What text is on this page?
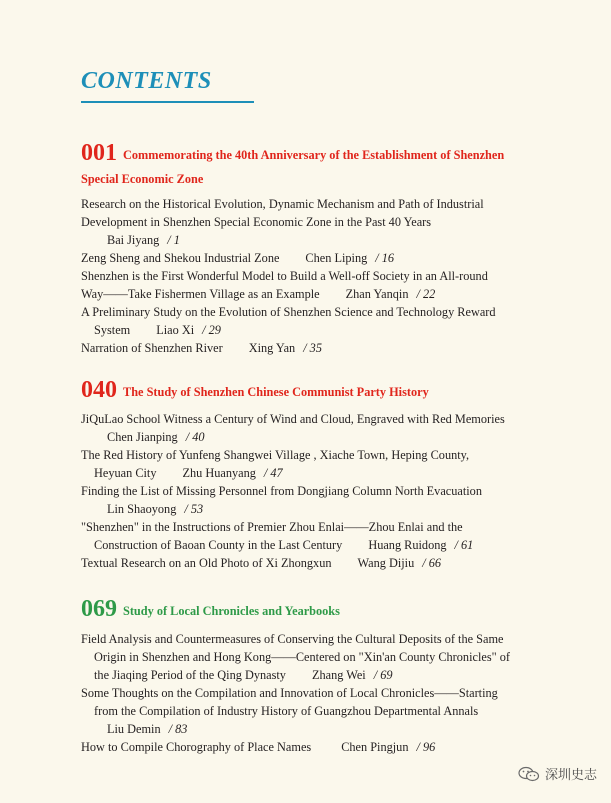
CONTENTS
001 Commemorating the 40th Anniversary of the Establishment of Shenzhen
Special Economic Zone
Research on the Historical Evolution, Dynamic Mechanism and Path of Industrial
Development in Shenzhen Special Economic Zone in the Past 40 Years
Bai Jiyang / 1
Zeng Sheng and Shekou Industrial Zone Chen Liping / 16
Shenzhen is the First Wonderful Model to Build a Well-off Society in an All-round
Way——Take Fishermen Village as an Example Zhan Yanqin / 22
A Preliminary Study on the Evolution of Shenzhen Science and Technology Reward
System Liao Xi / 29
Narration of Shenzhen River Xing Yan / 35
040 The Study of Shenzhen Chinese Communist Party History
JiQuLao School Witness a Century of Wind and Cloud, Engraved with Red Memories
Chen Jianping / 40
The Red History of Yunfeng Shangwei Village , Xiache Town, Heping County,
Heyuan City Zhu Huanyang / 47
Finding the List of Missing Personnel from Dongjiang Column North Evacuation
Lin Shaoyong / 53
"Shenzhen" in the Instructions of Premier Zhou Enlai——Zhou Enlai and the
Construction of Baoan County in the Last Century Huang Ruidong / 61
Textual Research on an Old Photo of Xi Zhongxun Wang Dijiu / 66
069 Study of Local Chronicles and Yearbooks
Field Analysis and Countermeasures of Conserving the Cultural Deposits of the Same
Origin in Shenzhen and Hong Kong——Centered on "Xin'an County Chronicles" of
the Jiaqing Period of the Qing Dynasty Zhang Wei / 69
Some Thoughts on the Compilation and Innovation of Local Chronicles——Starting
from the Compilation of Industry History of Guangzhou Departmental Annals
Liu Demin / 83
How to Compile Chorography of Place Names Chen Pingjun / 96
深圳史志
